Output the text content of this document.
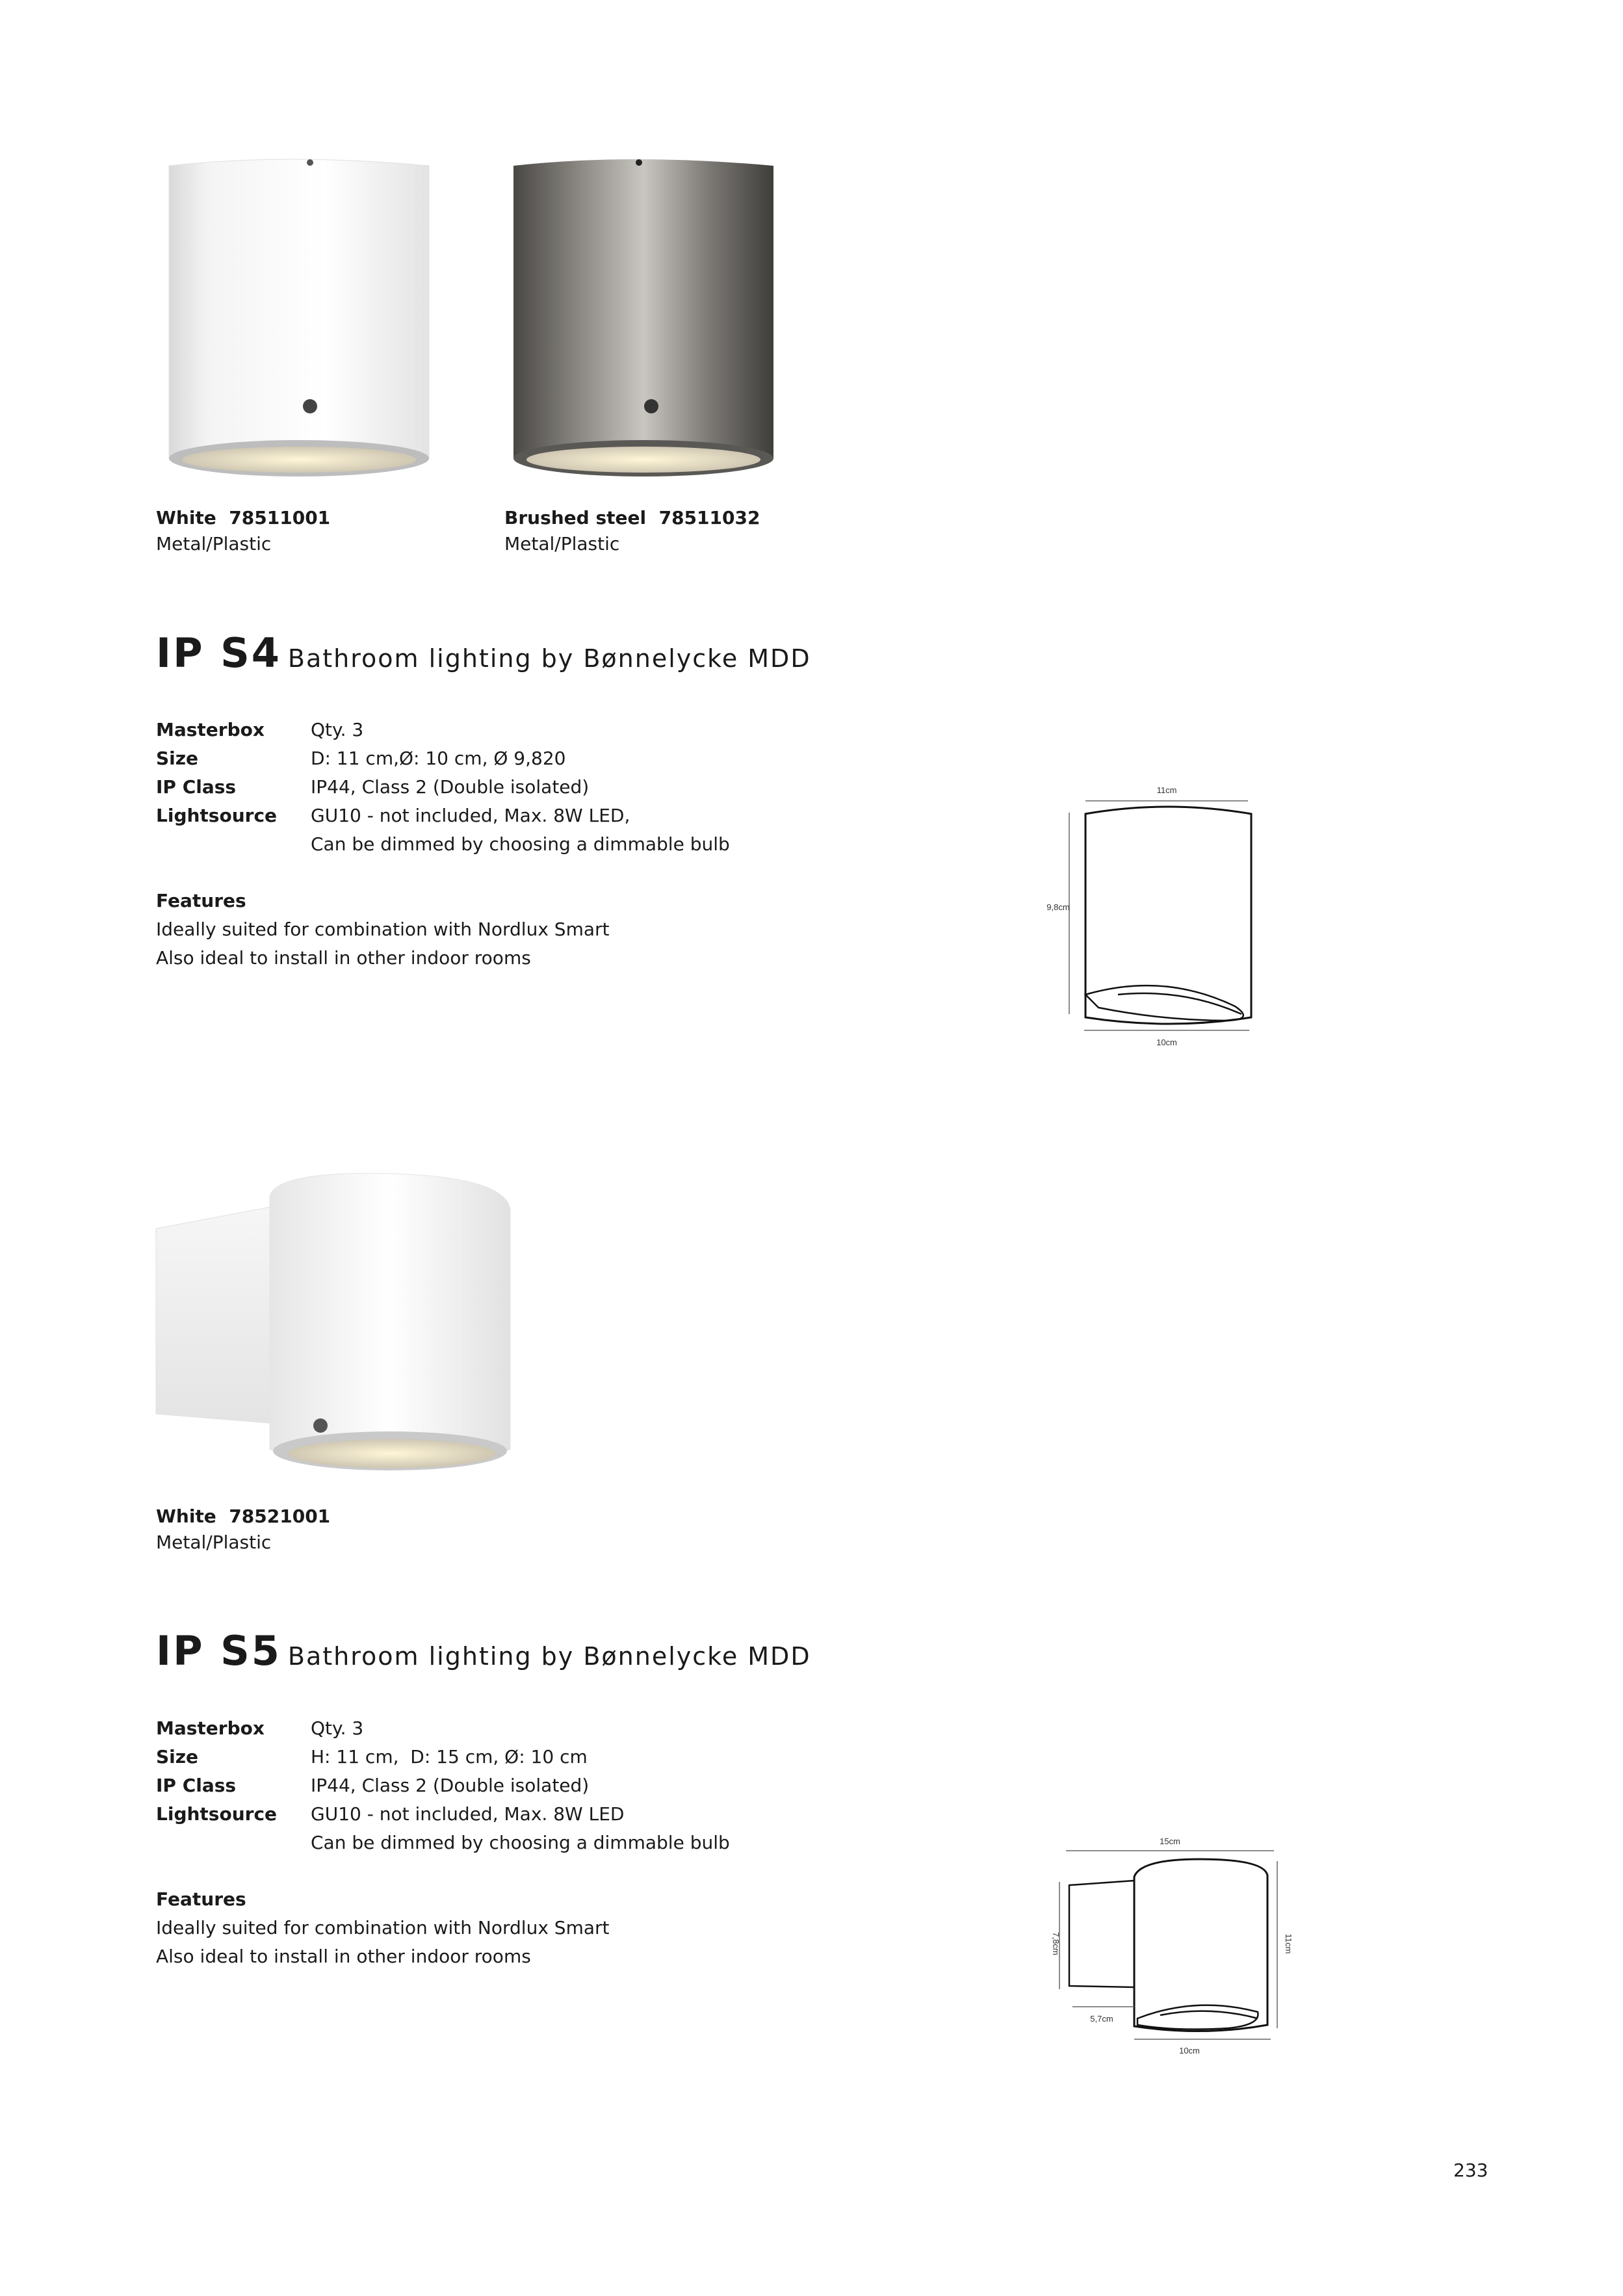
White 78511001
Metal/Plastic
Brushed steel 78511032
Metal/Plastic
IP S4 Bathroom lighting by Bønnelycke MDD
Masterbox	Qty. 3
Size	D: 11 cm,Ø: 10 cm, Ø 9,820
IP Class	IP44, Class 2 (Double isolated)
Lightsource	GU10 - not included, Max. 8W LED,
	Can be dimmed by choosing a dimmable bulb
Features
Ideally suited for combination with Nordlux Smart
Also ideal to install in other indoor rooms
11cm
9,8cm
10cm
White 78521001
Metal/Plastic
IP S5 Bathroom lighting by Bønnelycke MDD
Masterbox	Qty. 3
Size	H: 11 cm,  D: 15 cm, Ø: 10 cm
IP Class	IP44, Class 2 (Double isolated)
Lightsource	GU10 - not included, Max. 8W LED
	Can be dimmed by choosing a dimmable bulb
Features
Ideally suited for combination with Nordlux Smart
Also ideal to install in other indoor rooms
15cm
7,8cm	11cm
5,7cm
10cm
233
